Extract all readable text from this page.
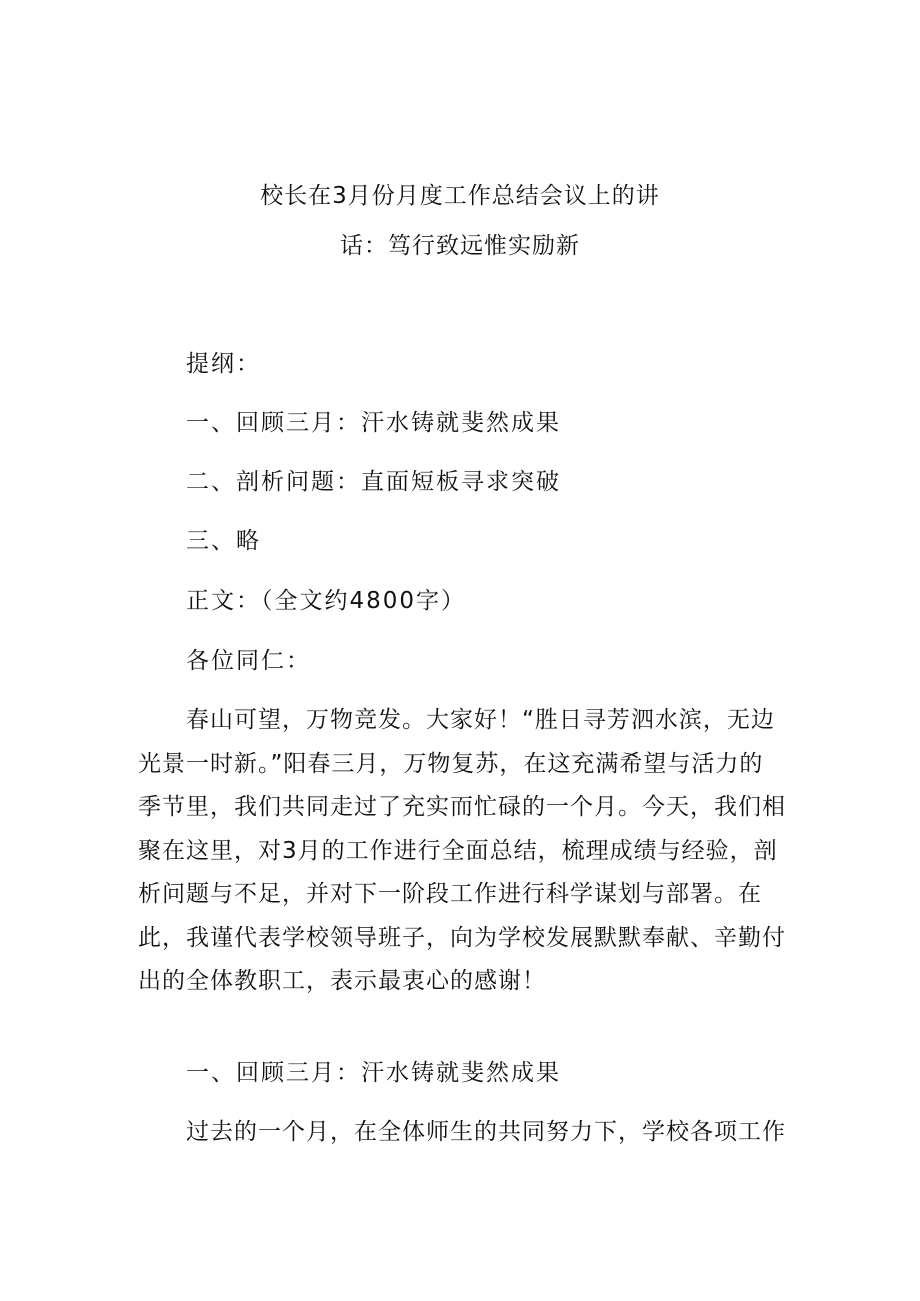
校长在3月份月度工作总结会议上的讲
话：笃行致远惟实励新
提纲：
一、回顾三月：汗水铸就斐然成果
二、剖析问题：直面短板寻求突破
三、略
正文：（全文约4800字）
各位同仁：
春山可望，万物竞发。大家好！“胜日寻芳泗水滨，无边
光景一时新。”阳春三月，万物复苏，在这充满希望与活力的
季节里，我们共同走过了充实而忙碌的一个月。今天，我们相
聚在这里，对3月的工作进行全面总结，梳理成绩与经验，剖
析问题与不足，并对下一阶段工作进行科学谋划与部署。在
此，我谨代表学校领导班子，向为学校发展默默奉献、辛勤付
出的全体教职工，表示最衷心的感谢！
一、回顾三月：汗水铸就斐然成果
过去的一个月，在全体师生的共同努力下，学校各项工作
